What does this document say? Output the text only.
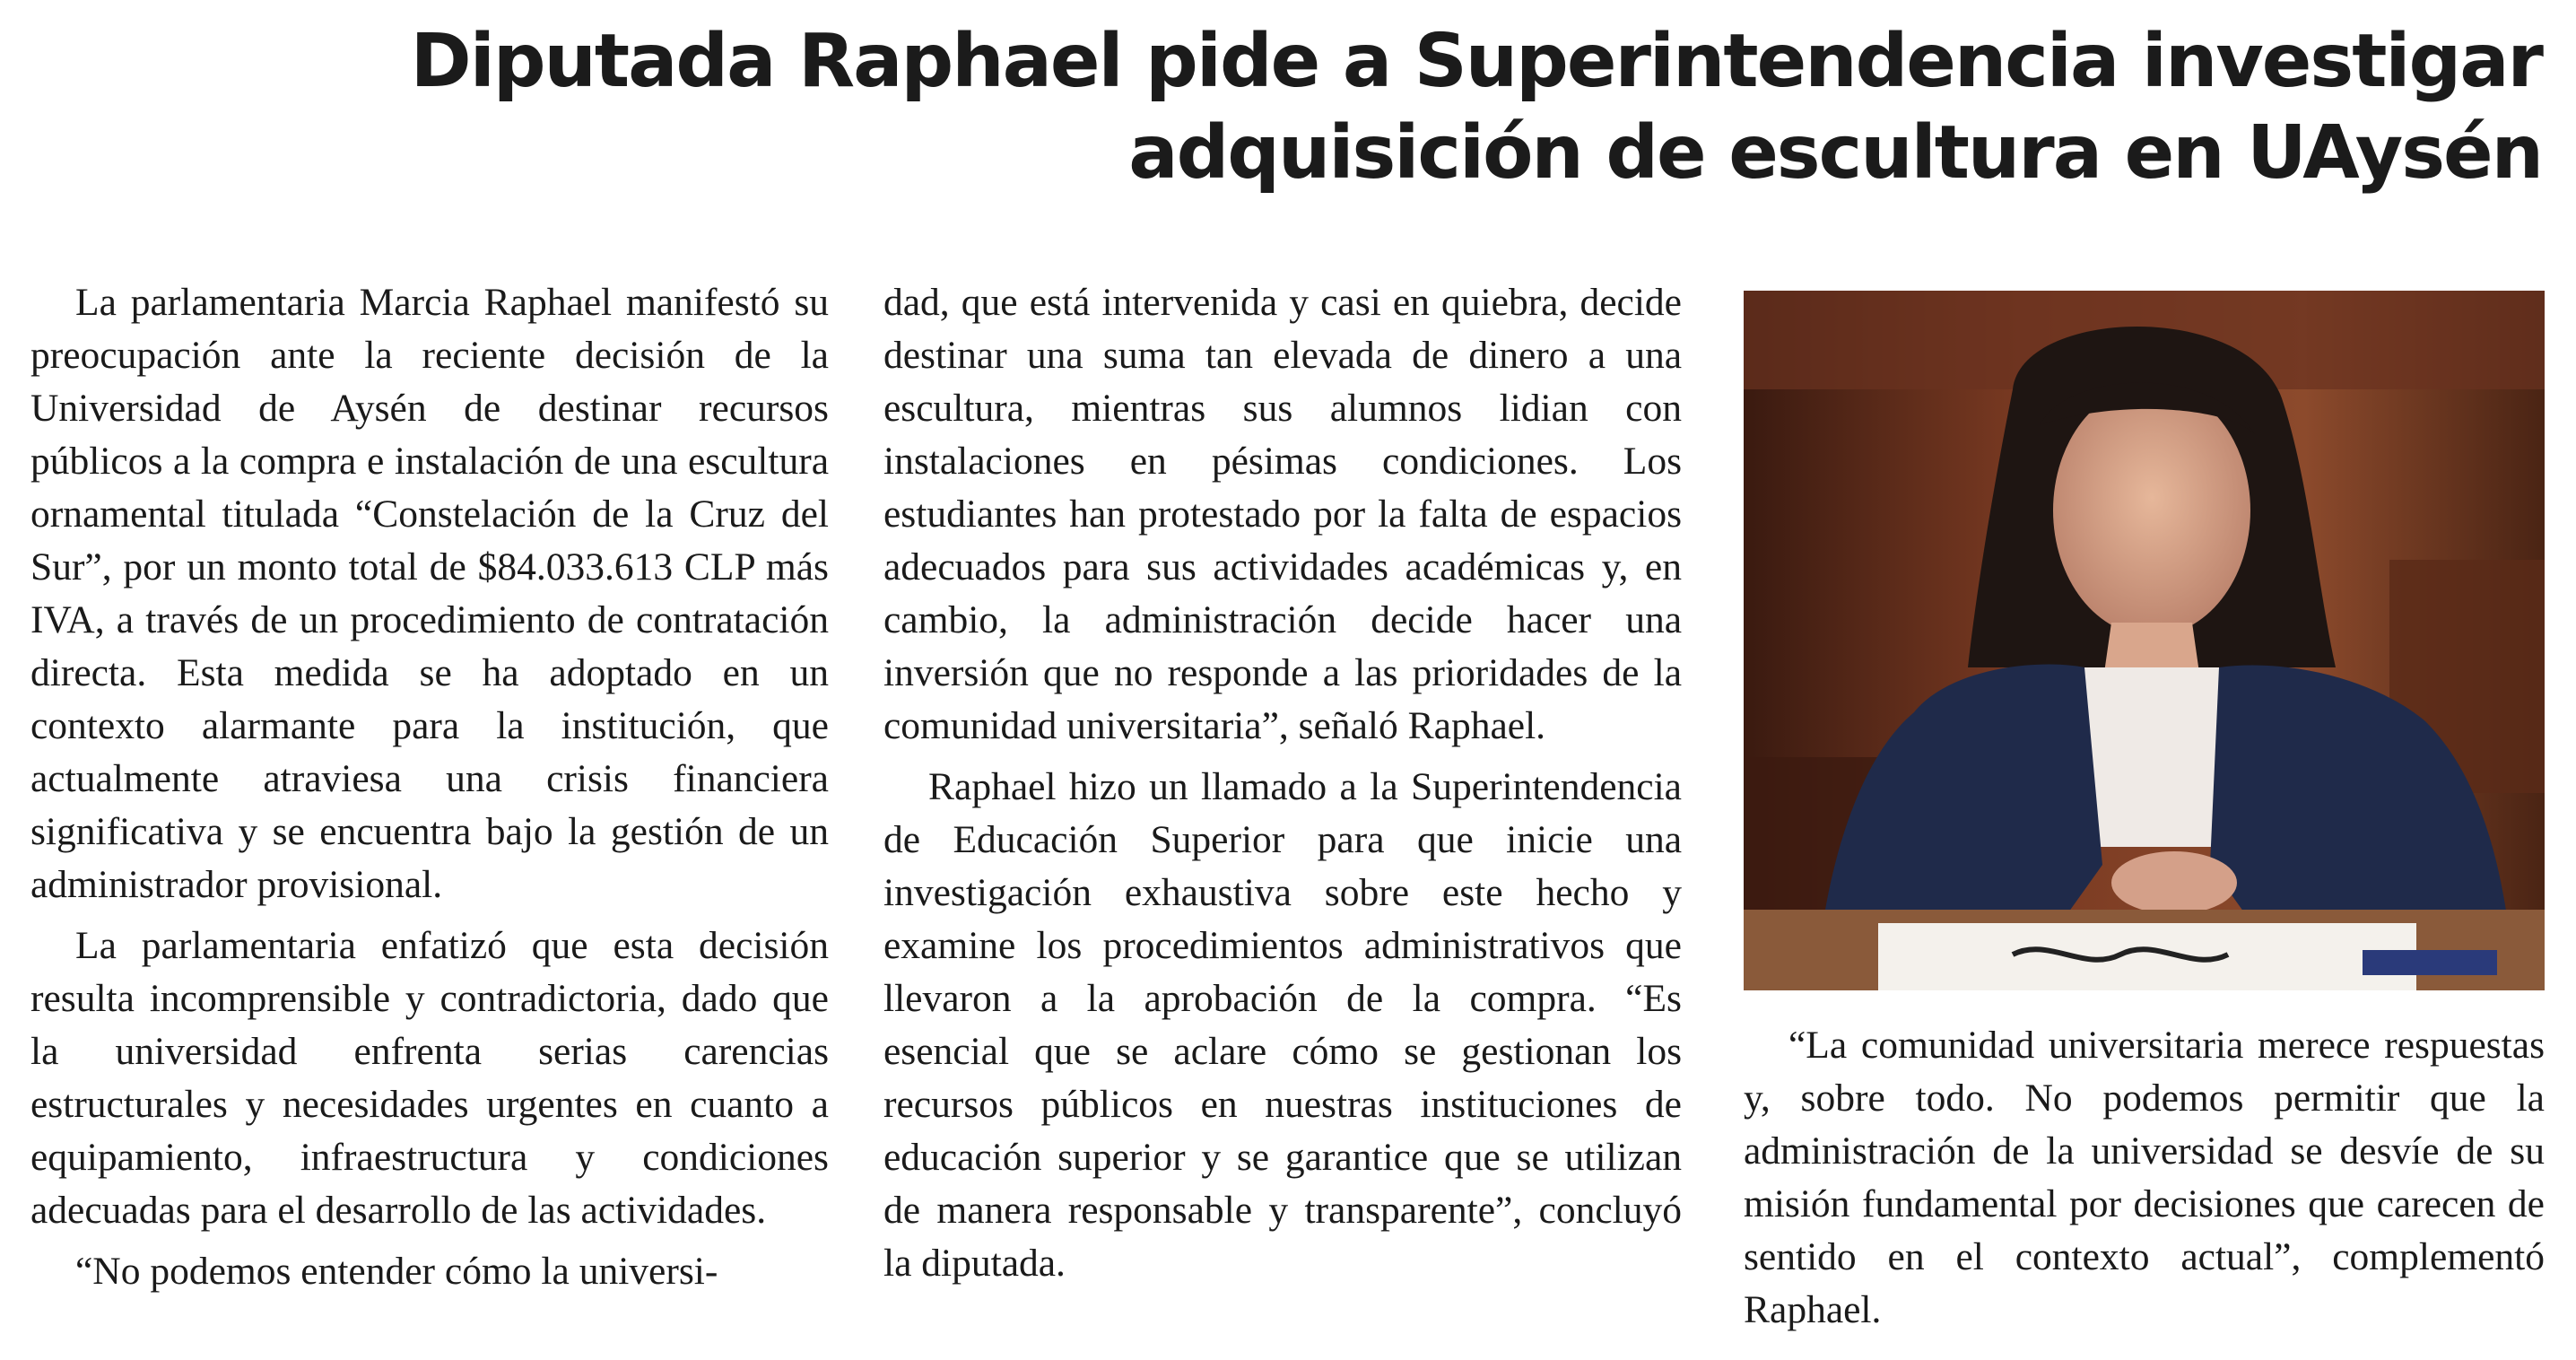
Diputada Raphael pide a Superintendencia investigar
adquisición de escultura en UAysén

La parlamentaria Marcia Raphael manifestó su preocupación ante la reciente decisión de la Universidad de Aysén de destinar recursos públicos a la compra e instalación de una escultura ornamental titulada “Constelación de la Cruz del Sur”, por un monto total de $84.033.613 CLP más IVA, a través de un procedimiento de contratación directa. Esta medida se ha adoptado en un contexto alarmante para la institución, que actualmente atraviesa una crisis financiera significativa y se encuentra bajo la gestión de un administrador provisional.

La parlamentaria enfatizó que esta decisión resulta incomprensible y contradictoria, dado que la universidad enfrenta serias carencias estructurales y necesidades urgentes en cuanto a equipamiento, infraestructura y condiciones adecuadas para el desarrollo de las actividades.

“No podemos entender cómo la universi-

dad, que está intervenida y casi en quiebra, decide destinar una suma tan elevada de dinero a una escultura, mientras sus alumnos lidian con instalaciones en pésimas condiciones. Los estudiantes han protestado por la falta de espacios adecuados para sus actividades académicas y, en cambio, la administración decide hacer una inversión que no responde a las prioridades de la comunidad universitaria”, señaló Raphael.

Raphael hizo un llamado a la Superintendencia de Educación Superior para que inicie una investigación exhaustiva sobre este hecho y examine los procedimientos administrativos que llevaron a la aprobación de la compra. “Es esencial que se aclare cómo se gestionan los recursos públicos en nuestras instituciones de educación superior y se garantice que se utilizan de manera responsable y transparente”, concluyó la diputada.

“La comunidad universitaria merece respuestas y, sobre todo. No podemos permitir que la administración de la universidad se desvíe de su misión fundamental por decisiones que carecen de sentido en el contexto actual”, complementó Raphael.
